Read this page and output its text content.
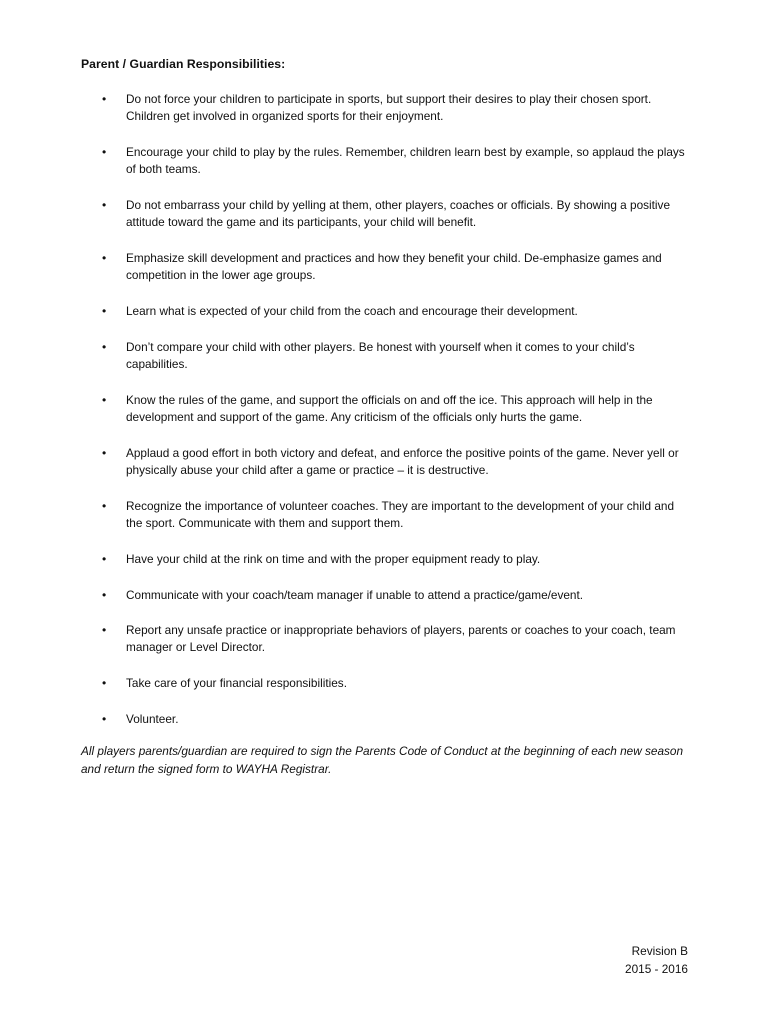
Parent / Guardian Responsibilities:
•	Do not force your children to participate in sports, but support their desires to play their chosen sport. Children get involved in organized sports for their enjoyment.
•	Encourage your child to play by the rules. Remember, children learn best by example, so applaud the plays of both teams.
•	Do not embarrass your child by yelling at them, other players, coaches or officials. By showing a positive attitude toward the game and its participants, your child will benefit.
•	Emphasize skill development and practices and how they benefit your child. De-emphasize games and competition in the lower age groups.
•	Learn what is expected of your child from the coach and encourage their development.
•	Don’t compare your child with other players. Be honest with yourself when it comes to your child’s capabilities.
•	Know the rules of the game, and support the officials on and off the ice. This approach will help in the development and support of the game. Any criticism of the officials only hurts the game.
•	Applaud a good effort in both victory and defeat, and enforce the positive points of the game. Never yell or physically abuse your child after a game or practice – it is destructive.
•	Recognize the importance of volunteer coaches. They are important to the development of your child and the sport. Communicate with them and support them.
•	Have your child at the rink on time and with the proper equipment ready to play.
•	Communicate with your coach/team manager if unable to attend a practice/game/event.
•	Report any unsafe practice or inappropriate behaviors of players, parents or coaches to your coach, team manager or Level Director.
•	Take care of your financial responsibilities.
•	Volunteer.
All players parents/guardian are required to sign the Parents Code of Conduct at the beginning of each new season and return the signed form to WAYHA Registrar.
Revision B
2015 - 2016
